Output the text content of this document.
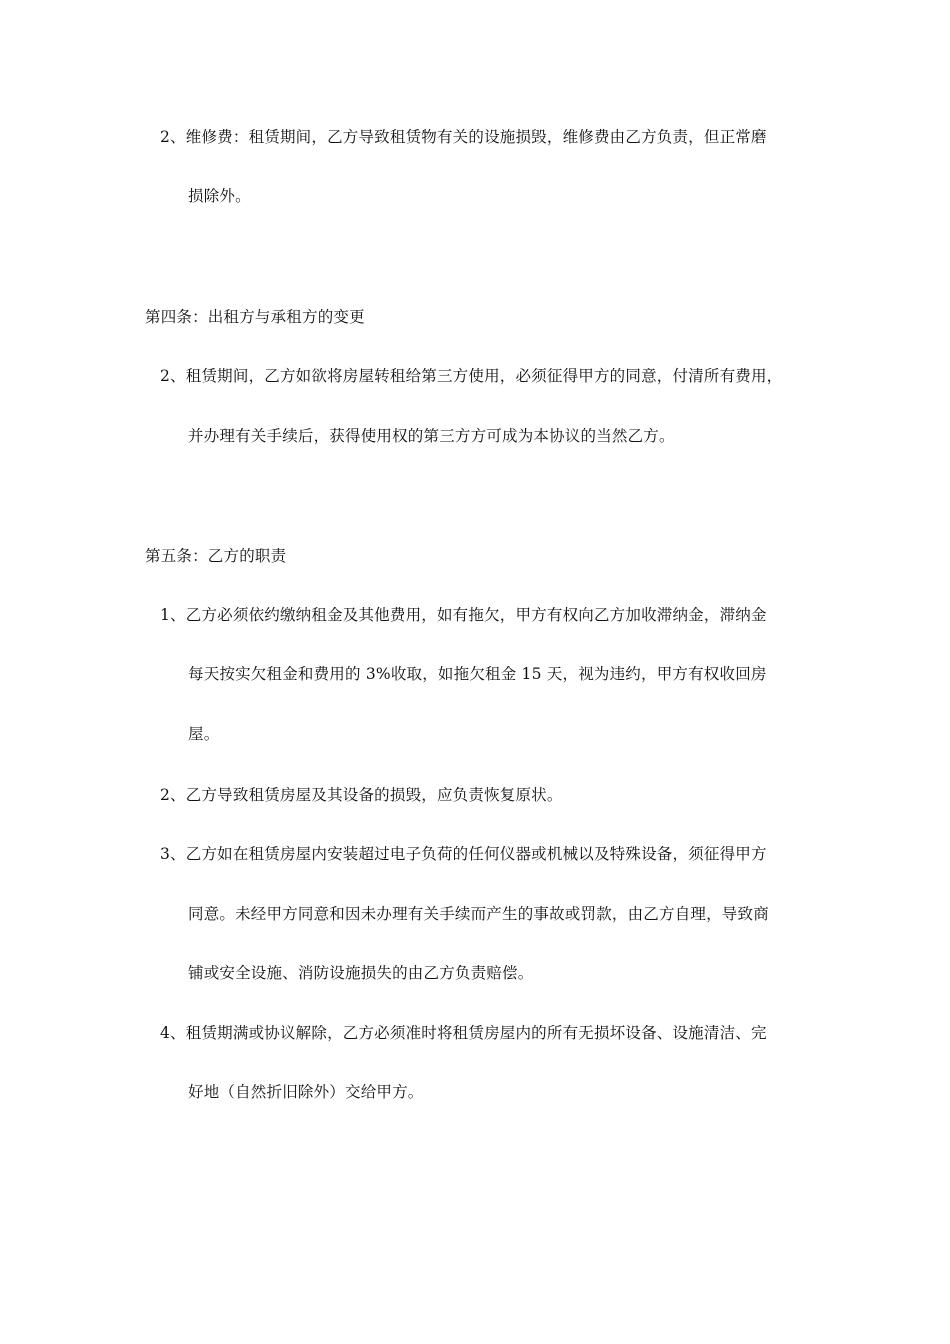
2、维修费：租赁期间，乙方导致租赁物有关的设施损毁，维修费由乙方负责，但正常磨
损除外。
第四条：出租方与承租方的变更
2、租赁期间，乙方如欲将房屋转租给第三方使用，必须征得甲方的同意，付清所有费用，
并办理有关手续后，获得使用权的第三方方可成为本协议的当然乙方。
第五条：乙方的职责
1、乙方必须依约缴纳租金及其他费用，如有拖欠，甲方有权向乙方加收滞纳金，滞纳金
每天按实欠租金和费用的 3%收取，如拖欠租金 15 天，视为违约，甲方有权收回房
屋。
2、乙方导致租赁房屋及其设备的损毁，应负责恢复原状。
3、乙方如在租赁房屋内安装超过电子负荷的任何仪器或机械以及特殊设备，须征得甲方
同意。未经甲方同意和因未办理有关手续而产生的事故或罚款，由乙方自理，导致商
铺或安全设施、消防设施损失的由乙方负责赔偿。
4、租赁期满或协议解除，乙方必须准时将租赁房屋内的所有无损坏设备、设施清洁、完
好地（自然折旧除外）交给甲方。
